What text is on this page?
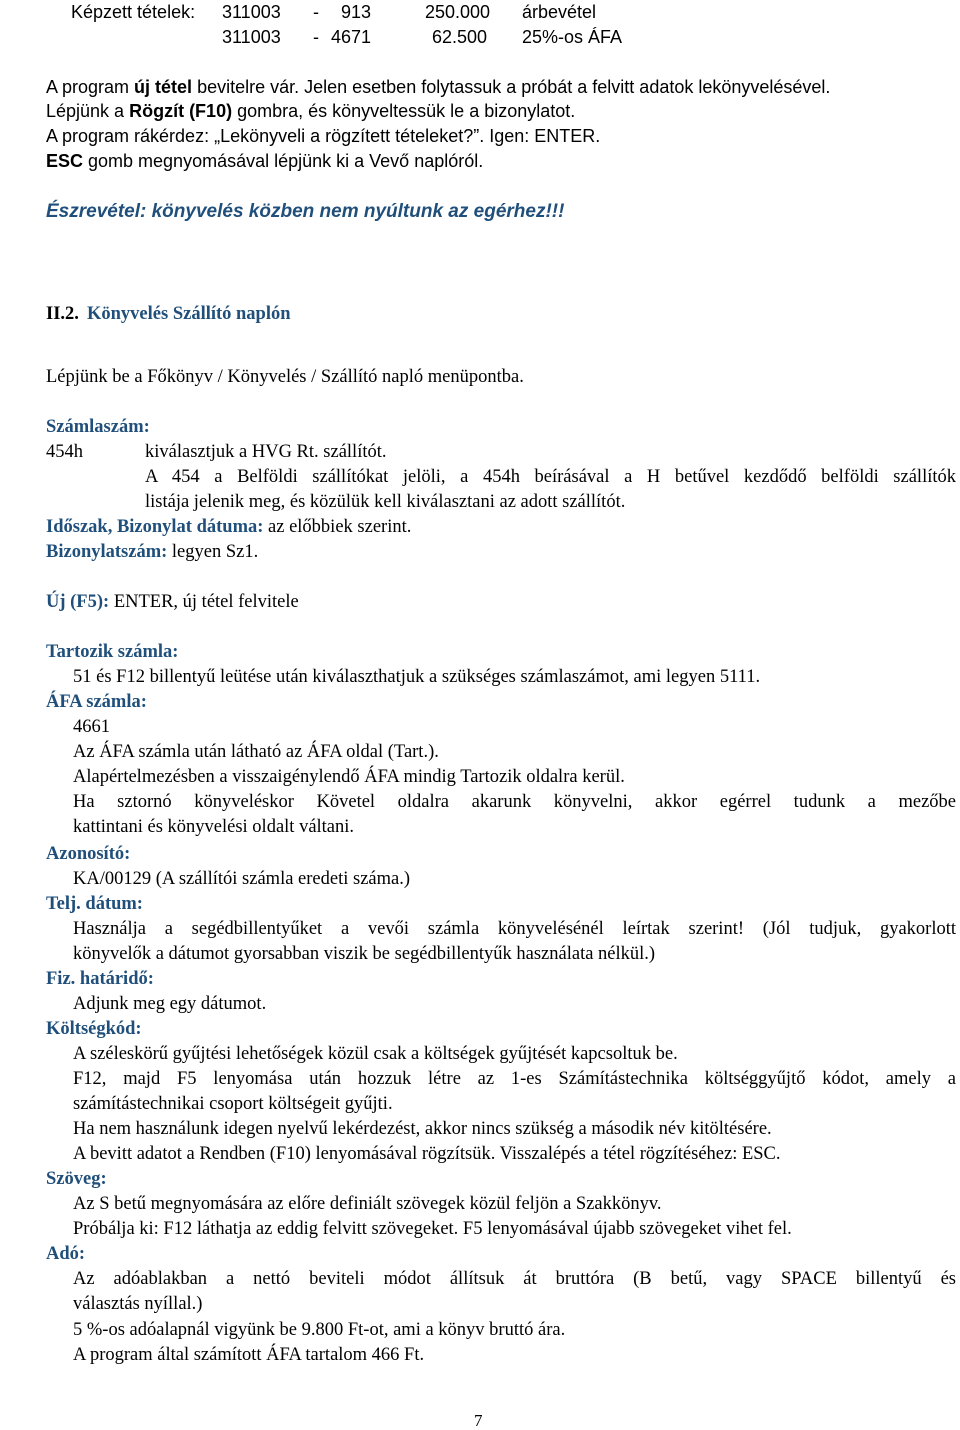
Képzett tételek: 311003 - 913	250.000 árbevétel
311003 - 4671	62.500 25%-os ÁFA
A program új tétel bevitelre vár. Jelen esetben folytassuk a próbát a felvitt adatok lekönyvelésével.
Lépjünk a Rögzít (F10) gombra, és könyveltessük le a bizonylatot.
A program rákérdez: „Lekönyveli a rögzített tételeket?”. Igen: ENTER.
ESC gomb megnyomásával lépjünk ki a Vevő naplóról.
Észrevétel: könyvelés közben nem nyúltunk az egérhez!!!
II.2. Könyvelés Szállító naplón
Lépjünk be a Főkönyv / Könyvelés / Szállító napló menüpontba.
Számlaszám:
454h	kiválasztjuk a HVG Rt. szállítót.
A 454 a Belföldi szállítókat jelöli, a 454h beírásával a H betűvel kezdődő belföldi szállítók
listája jelenik meg, és közülük kell kiválasztani az adott szállítót.
Időszak, Bizonylat dátuma: az előbbiek szerint.
Bizonylatszám: legyen Sz1.
Új (F5): ENTER, új tétel felvitele
Tartozik számla:
51 és F12 billentyű leütése után kiválaszthatjuk a szükséges számlaszámot, ami legyen 5111.
ÁFA számla:
4661
Az ÁFA számla után látható az ÁFA oldal (Tart.).
Alapértelmezésben a visszaigénylendő ÁFA mindig Tartozik oldalra kerül.
Ha sztornó könyveléskor Követel oldalra akarunk könyvelni, akkor egérrel tudunk a mezőbe
kattintani és könyvelési oldalt váltani.
Azonosító:
KA/00129 (A szállítói számla eredeti száma.)
Telj. dátum:
Használja a segédbillentyűket a vevői számla könyvelésénél leírtak szerint! (Jól tudjuk, gyakorlott
könyvelők a dátumot gyorsabban viszik be segédbillentyűk használata nélkül.)
Fiz. határidő:
Adjunk meg egy dátumot.
Költségkód:
A széleskörű gyűjtési lehetőségek közül csak a költségek gyűjtését kapcsoltuk be.
F12, majd F5 lenyomása után hozzuk létre az 1-es Számítástechnika költséggyűjtő kódot, amely a
számítástechnikai csoport költségeit gyűjti.
Ha nem használunk idegen nyelvű lekérdezést, akkor nincs szükség a második név kitöltésére.
A bevitt adatot a Rendben (F10) lenyomásával rögzítsük. Visszalépés a tétel rögzítéséhez: ESC.
Szöveg:
Az S betű megnyomására az előre definiált szövegek közül feljön a Szakkönyv.
Próbálja ki: F12 láthatja az eddig felvitt szövegeket. F5 lenyomásával újabb szövegeket vihet fel.
Adó:
Az adóablakban a nettó beviteli módot állítsuk át bruttóra (B betű, vagy SPACE billentyű és
választás nyíllal.)
5 %-os adóalapnál vigyünk be 9.800 Ft-ot, ami a könyv bruttó ára.
A program által számított ÁFA tartalom 466 Ft.
7
